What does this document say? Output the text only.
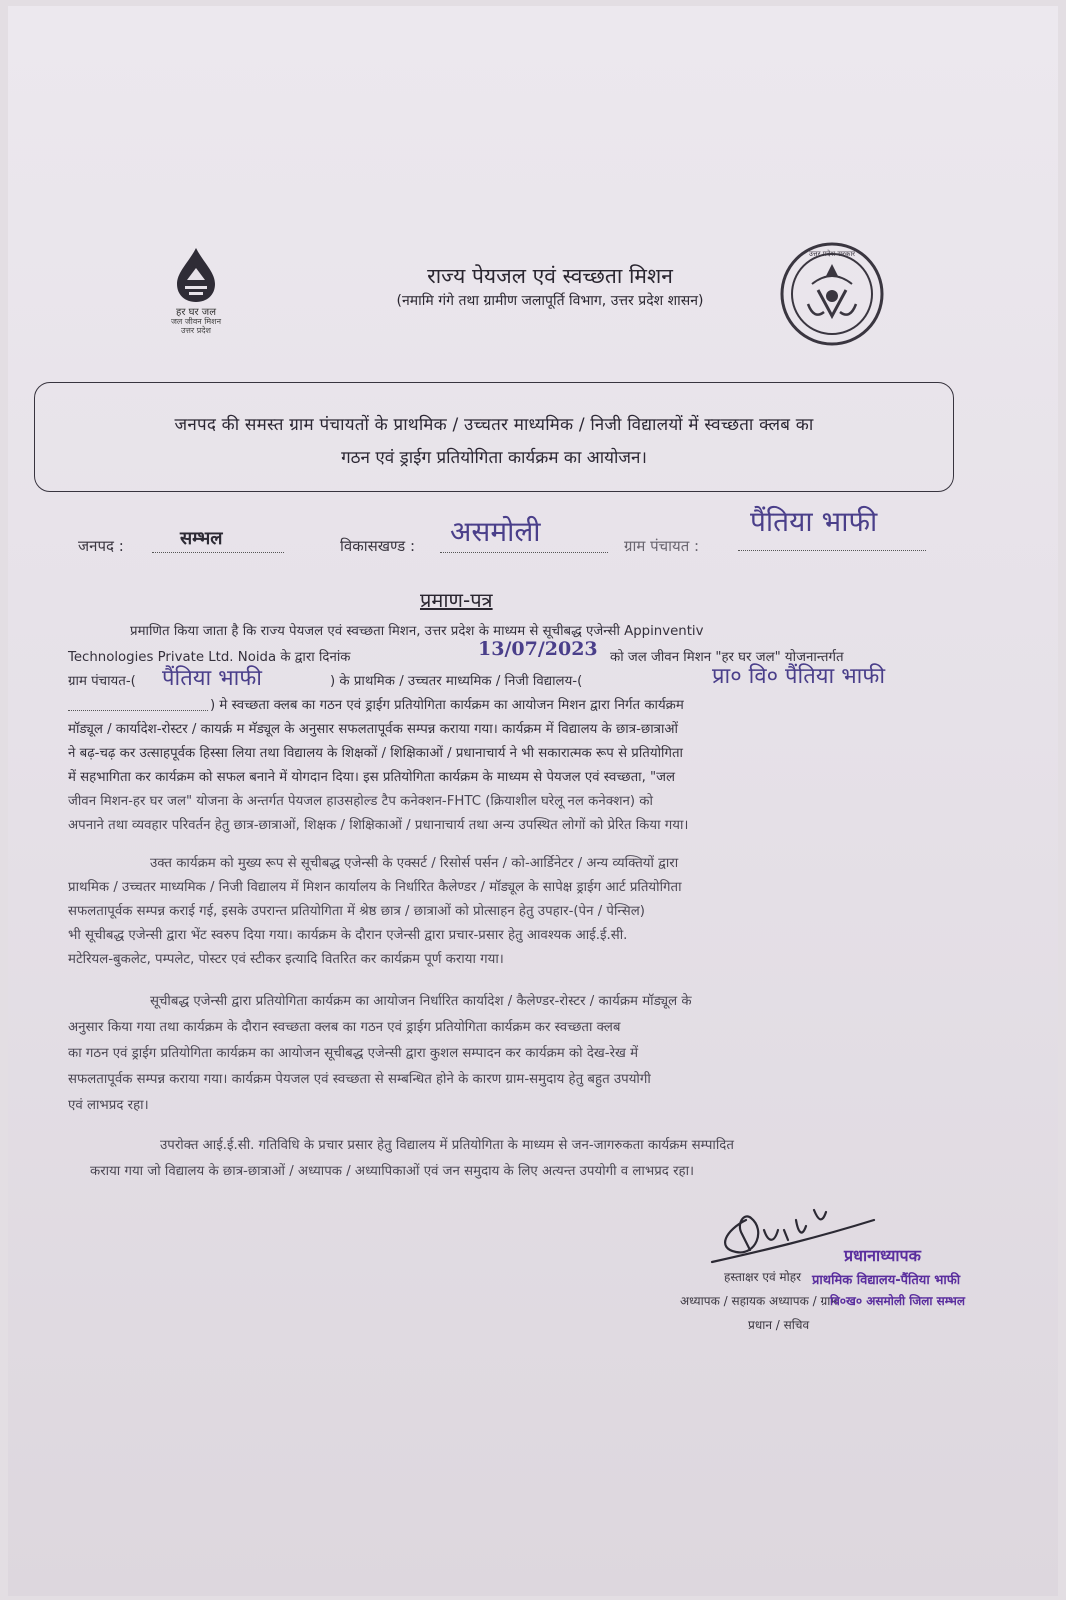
हर घर जल
जल जीवन मिशन
उत्तर प्रदेश
राज्य पेयजल एवं स्वच्छता मिशन
(नमामि गंगे तथा ग्रामीण जलापूर्ति विभाग, उत्तर प्रदेश शासन)
उत्तर प्रदेश सरकार
जनपद की समस्त ग्राम पंचायतों के प्राथमिक / उच्चतर माध्यमिक / निजी विद्यालयों में स्वच्छता क्लब का
गठन एवं ड्राईग प्रतियोगिता कार्यक्रम का आयोजन।
जनपद :	सम्भल	विकासखण्ड : असमोली	ग्राम पंचायत :
पैंतिया भाफी
प्रमाण-पत्र
प्रमाणित किया जाता है कि राज्य पेयजल एवं स्वच्छता मिशन, उत्तर प्रदेश के माध्यम से सूचीबद्ध एजेन्सी Appinventiv
Technologies Private Ltd. Noida के द्वारा दिनांक	13/07/2023 को जल जीवन मिशन "हर घर जल" योजनान्तर्गत
ग्राम पंचायत-( पैंतिया भाफी	) के प्राथमिक / उच्चतर माध्यमिक / निजी विद्यालय-(	प्रा० वि० पैंतिया भाफी
) मे स्वच्छता क्लब का गठन एवं ड्राईग प्रतियोगिता कार्यक्रम का आयोजन मिशन द्वारा निर्गत कार्यक्रम
मॉड्यूल / कार्यादेश-रोस्टर / कायर्क्र म मॅड्यूल के अनुसार सफलतापूर्वक सम्पन्न कराया गया। कार्यक्रम में विद्यालय के छात्र-छात्राओं
ने बढ़-चढ़ कर उत्साहपूर्वक हिस्सा लिया तथा विद्यालय के शिक्षकों / शिक्षिकाओं / प्रधानाचार्य ने भी सकारात्मक रूप से प्रतियोगिता
में सहभागिता कर कार्यक्रम को सफल बनाने में योगदान दिया। इस प्रतियोगिता कार्यक्रम के माध्यम से पेयजल एवं स्वच्छता, "जल
जीवन मिशन-हर घर जल" योजना के अन्तर्गत पेयजल हाउसहोल्ड टैप कनेक्शन-FHTC (क्रियाशील घरेलू नल कनेक्शन) को
अपनाने तथा व्यवहार परिवर्तन हेतु छात्र-छात्राओं, शिक्षक / शिक्षिकाओं / प्रधानाचार्य तथा अन्य उपस्थित लोगों को प्रेरित किया गया।
उक्त कार्यक्रम को मुख्य रूप से सूचीबद्ध एजेन्सी के एक्सर्ट / रिसोर्स पर्सन / को-आर्डिनेटर / अन्य व्यक्तियों द्वारा
प्राथमिक / उच्चतर माध्यमिक / निजी विद्यालय में मिशन कार्यालय के निर्धारित कैलेण्डर / मॉड्यूल के सापेक्ष ड्राईग आर्ट प्रतियोगिता
सफलतापूर्वक सम्पन्न कराई गई, इसके उपरान्त प्रतियोगिता में श्रेष्ठ छात्र / छात्राओं को प्रोत्साहन हेतु उपहार-(पेन / पेन्सिल)
भी सूचीबद्ध एजेन्सी द्वारा भेंट स्वरुप दिया गया। कार्यक्रम के दौरान एजेन्सी द्वारा प्रचार-प्रसार हेतु आवश्यक आई.ई.सी.
मटेरियल-बुकलेट, पम्पलेट, पोस्टर एवं स्टीकर इत्यादि वितरित कर कार्यक्रम पूर्ण कराया गया।
सूचीबद्ध एजेन्सी द्वारा प्रतियोगिता कार्यक्रम का आयोजन निर्धारित कार्यादेश / कैलेण्डर-रोस्टर / कार्यक्रम मॉड्यूल के
अनुसार किया गया तथा कार्यक्रम के दौरान स्वच्छता क्लब का गठन एवं ड्राईग प्रतियोगिता कार्यक्रम कर स्वच्छता क्लब
का गठन एवं ड्राईग प्रतियोगिता कार्यक्रम का आयोजन सूचीबद्ध एजेन्सी द्वारा कुशल सम्पादन कर कार्यक्रम को देख-रेख में
सफलतापूर्वक सम्पन्न कराया गया। कार्यक्रम पेयजल एवं स्वच्छता से सम्बन्धित होने के कारण ग्राम-समुदाय हेतु बहुत उपयोगी
एवं लाभप्रद रहा।
उपरोक्त आई.ई.सी. गतिविधि के प्रचार प्रसार हेतु विद्यालय में प्रतियोगिता के माध्यम से जन-जागरुकता कार्यक्रम सम्पादित
कराया गया जो विद्यालय के छात्र-छात्राओं / अध्यापक / अध्यापिकाओं एवं जन समुदाय के लिए अत्यन्त उपयोगी व लाभप्रद रहा।
प्रधानाध्यापक
हस्ताक्षर एवं मोहर प्राथमिक विद्यालय-पैंतिया भाफी
अध्यापक / सहायक अध्यापक / ग्राम
वि०ख० असमोली जिला सम्भल
प्रधान / सचिव
